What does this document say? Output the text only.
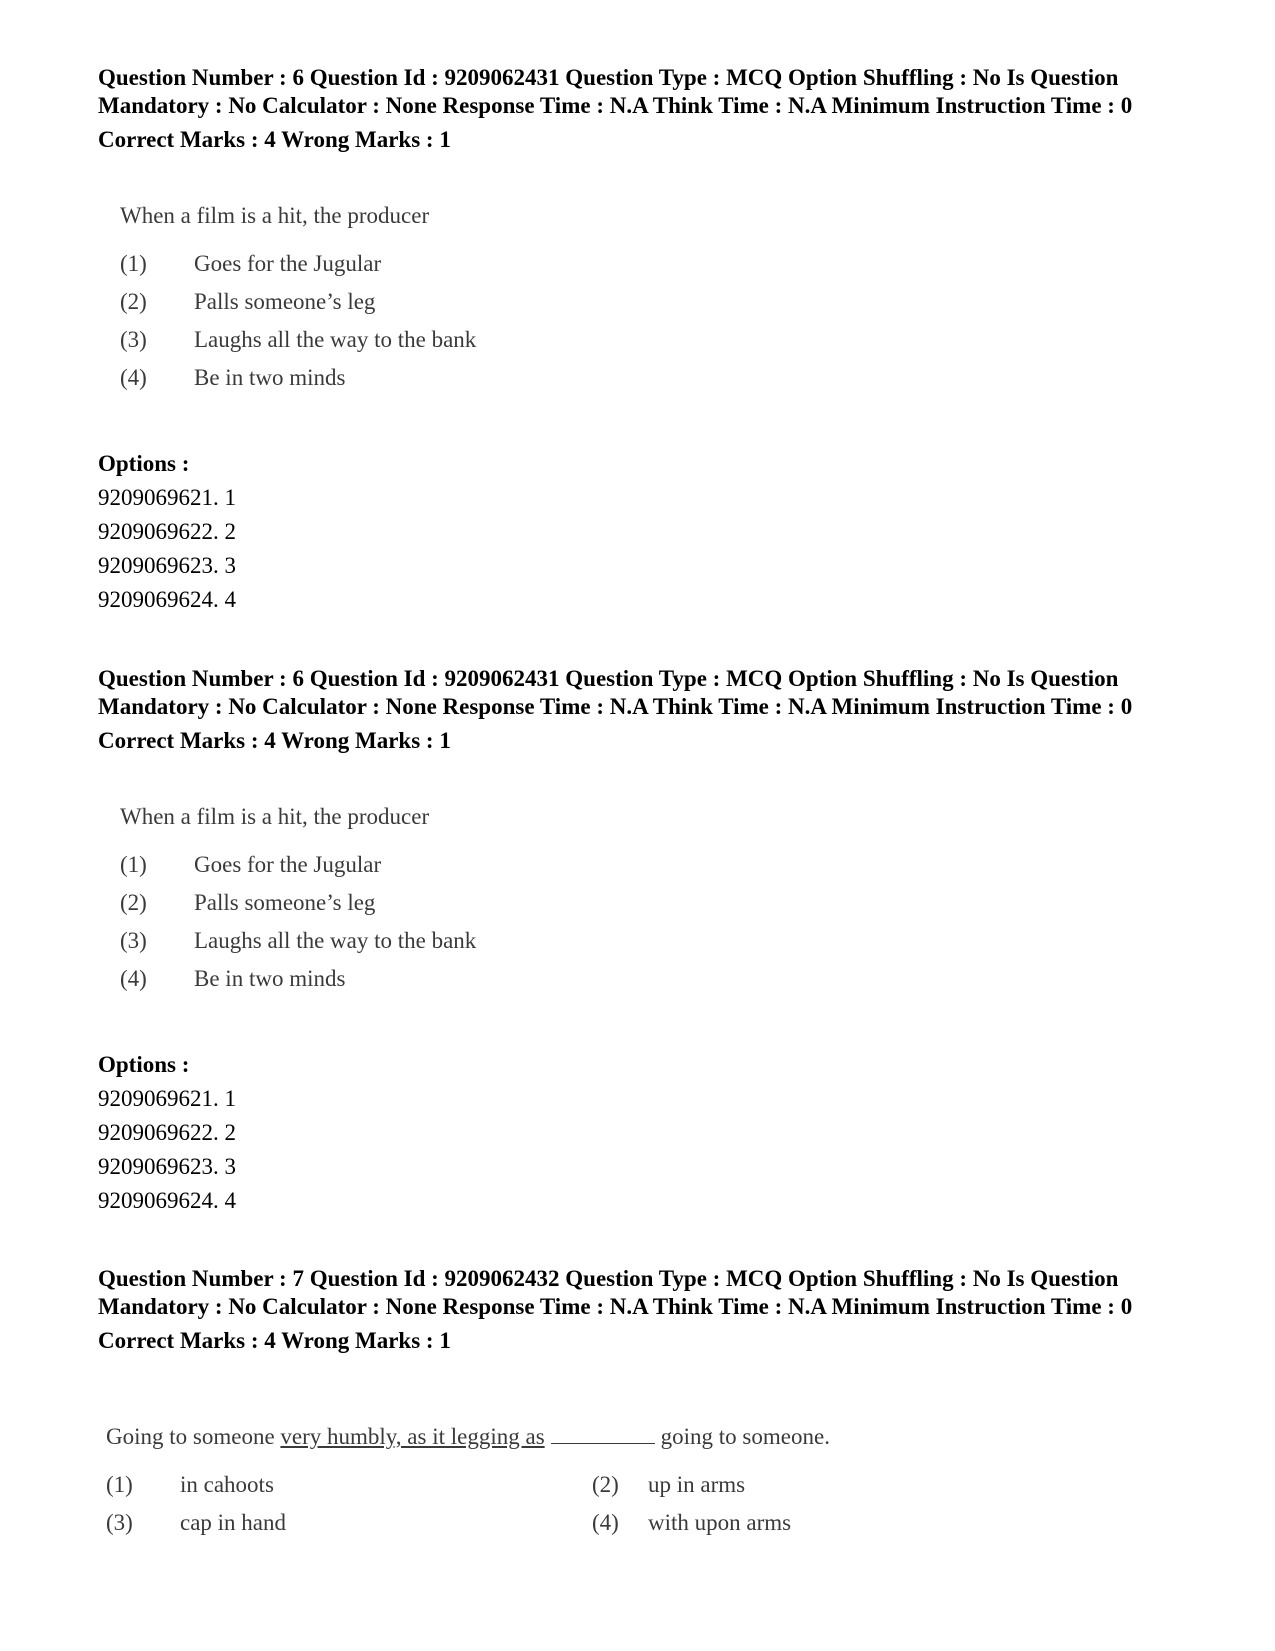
Question Number : 6 Question Id : 9209062431 Question Type : MCQ Option Shuffling : No Is Question Mandatory : No Calculator : None Response Time : N.A Think Time : N.A Minimum Instruction Time : 0

Correct Marks : 4 Wrong Marks : 1

When a film is a hit, the producer
(1) Goes for the Jugular
(2) Palls someone’s leg
(3) Laughs all the way to the bank
(4) Be in two minds
Options :
9209069621. 1
9209069622. 2
9209069623. 3
9209069624. 4

Question Number : 6 Question Id : 9209062431 Question Type : MCQ Option Shuffling : No Is Question Mandatory : No Calculator : None Response Time : N.A Think Time : N.A Minimum Instruction Time : 0

Correct Marks : 4 Wrong Marks : 1

When a film is a hit, the producer
(1) Goes for the Jugular
(2) Palls someone’s leg
(3) Laughs all the way to the bank
(4) Be in two minds
Options :
9209069621. 1
9209069622. 2
9209069623. 3
9209069624. 4

Question Number : 7 Question Id : 9209062432 Question Type : MCQ Option Shuffling : No Is Question Mandatory : No Calculator : None Response Time : N.A Think Time : N.A Minimum Instruction Time : 0

Correct Marks : 4 Wrong Marks : 1

Going to someone very humbly, as it legging as	going to someone.
(1) in cahoots	(2) up in arms
(3) cap in hand	(4) with upon arms
